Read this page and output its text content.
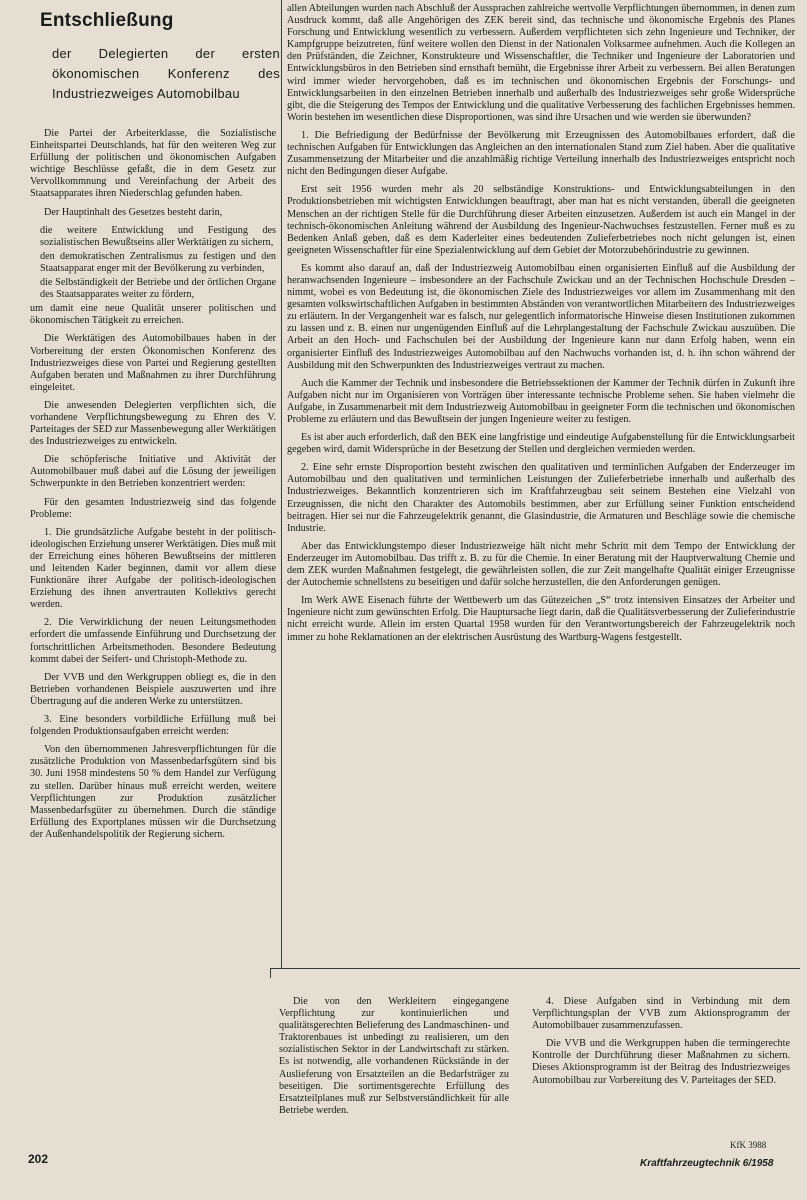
Entschließung

der Delegierten der ersten ökonomischen Konferenz des Industriezweiges Automobilbau

Die Partei der Arbeiterklasse, die Sozialistische Einheitspartei Deutschlands, hat für den weiteren Weg zur Erfüllung der politischen und ökonomischen Aufgaben wichtige Beschlüsse gefaßt, die in dem Gesetz zur Vervollkommnung und Vereinfachung der Arbeit des Staatsapparates ihren Niederschlag gefunden haben.

Der Hauptinhalt des Gesetzes besteht darin,

die weitere Entwicklung und Festigung des sozialistischen Bewußtseins aller Werktätigen zu sichern,

den demokratischen Zentralismus zu festigen und den Staatsapparat enger mit der Bevölkerung zu verbinden,

die Selbständigkeit der Betriebe und der örtlichen Organe des Staatsapparates weiter zu fördern,

um damit eine neue Qualität unserer politischen und ökonomischen Tätigkeit zu erreichen.

Die Werktätigen des Automobilbaues haben in der Vorbereitung der ersten Ökonomischen Konferenz des Industriezweiges diese von Partei und Regierung gestellten Aufgaben beraten und Maßnahmen zu ihrer Durchführung eingeleitet.

Die anwesenden Delegierten verpflichten sich, die vorhandene Verpflichtungsbewegung zu Ehren des V. Parteitages der SED zur Massenbewegung aller Werktätigen des Industriezweiges zu entwickeln.

Die schöpferische Initiative und Aktivität der Automobilbauer muß dabei auf die Lösung der jeweiligen Schwerpunkte in den Betrieben konzentriert werden:

Für den gesamten Industriezweig sind das folgende Probleme:

1. Die grundsätzliche Aufgabe besteht in der politisch-ideologischen Erziehung unserer Werktätigen. Dies muß mit der Erreichung eines höheren Bewußtseins der mittleren und leitenden Kader beginnen, damit vor allem diese Funktionäre ihrer Aufgabe der politisch-ideologischen Erziehung des ihnen anvertrauten Kollektivs gerecht werden.

2. Die Verwirklichung der neuen Leitungsmethoden erfordert die umfassende Einführung und Durchsetzung der fortschrittlichen Arbeitsmethoden. Besondere Bedeutung kommt dabei der Seifert- und Christoph-Methode zu.

Der VVB und den Werkgruppen obliegt es, die in den Betrieben vorhandenen Beispiele auszuwerten und ihre Übertragung auf die anderen Werke zu unterstützen.

3. Eine besonders vorbildliche Erfüllung muß bei folgenden Produktionsaufgaben erreicht werden:

Von den übernommenen Jahresverpflichtungen für die zusätzliche Produktion von Massenbedarfsgütern sind bis 30. Juni 1958 mindestens 50 % dem Handel zur Verfügung zu stellen. Darüber hinaus muß erreicht werden, weitere Verpflichtungen zur Produktion zusätzlicher Massenbedarfsgüter zu übernehmen. Durch die ständige Erfüllung des Exportplanes müssen wir die Durchsetzung der Außenhandelspolitik der Regierung sichern.

allen Abteilungen wurden nach Abschluß der Aussprachen zahlreiche wertvolle Verpflichtungen übernommen, in denen zum Ausdruck kommt, daß alle Angehörigen des ZEK bereit sind, das technische und ökonomische Ergebnis des Planes Forschung und Entwicklung wesentlich zu verbessern. Außerdem verpflichteten sich zehn Ingenieure und Techniker, der Kampfgruppe beizutreten, fünf weitere wollen den Dienst in der Nationalen Volksarmee aufnehmen. Auch die Kollegen an den Prüfständen, die Zeichner, Konstrukteure und Wissenschaftler, die Techniker und Ingenieure der Laboratorien und Entwicklungsbüros in den Betrieben sind ernsthaft bemüht, die Ergebnisse ihrer Arbeit zu verbessern. Bei allen Beratungen wird immer wieder hervorgehoben, daß es im technischen und ökonomischen Ergebnis der Forschungs- und Entwicklungsarbeiten in den einzelnen Betrieben innerhalb und außerhalb des Industriezweiges sehr große Widersprüche gibt, die die Steigerung des Tempos der Entwicklung und die qualitative Verbesserung des fachlichen Ergebnisses hemmen. Worin bestehen im wesentlichen diese Disproportionen, was sind ihre Ursachen und wie werden sie überwunden?

1. Die Befriedigung der Bedürfnisse der Bevölkerung mit Erzeugnissen des Automobilbaues erfordert, daß die technischen Aufgaben für Entwicklungen das Angleichen an den internationalen Stand zum Ziel haben. Aber die qualitative Zusammensetzung der Mitarbeiter und die anzahlmäßig richtige Verteilung innerhalb des Industriezweiges entspricht noch nicht den Bedingungen dieser Aufgabe.

Erst seit 1956 wurden mehr als 20 selbständige Konstruktions- und Entwicklungsabteilungen in den Produktionsbetrieben mit wichtigsten Entwicklungen beauftragt, aber man hat es nicht verstanden, überall die geeigneten Menschen an der richtigen Stelle für die Durchführung dieser Arbeiten einzusetzen. Außerdem ist auch ein Mangel in der technisch-ökonomischen Anleitung während der Ausbildung des Ingenieur-Nachwuchses festzustellen. Ferner muß es zu Bedenken Anlaß geben, daß es dem Kaderleiter eines bedeutenden Zulieferbetriebes noch nicht gelungen ist, einen geeigneten Wissenschaftler für eine Spezialentwicklung auf dem Gebiet der Motorzubehörindustrie zu gewinnen.

Es kommt also darauf an, daß der Industriezweig Automobilbau einen organisierten Einfluß auf die Ausbildung der heranwachsenden Ingenieure – insbesondere an der Fachschule Zwickau und an der Technischen Hochschule Dresden – nimmt, wobei es von Bedeutung ist, die ökonomischen Ziele des Industriezweiges vor allem im Zusammenhang mit den gesamten volkswirtschaftlichen Aufgaben in bestimmten Abständen von verantwortlichen Mitarbeitern des Industriezweiges zu erläutern. In der Vergangenheit war es falsch, nur gelegentlich informatorische Hinweise diesen Institutionen zukommen zu lassen und z. B. einen nur ungenügenden Einfluß auf die Lehrplangestaltung der Fachschule Zwickau auszuüben. Die Arbeit an den Hoch- und Fachschulen bei der Ausbildung der Ingenieure kann nur dann Erfolg haben, wenn ein organisierter Einfluß des Industriezweiges Automobilbau auf den Nachwuchs vorhanden ist, d. h. ihn schon während der Ausbildung mit den Schwerpunkten des Industriezweiges vertraut zu machen.

Auch die Kammer der Technik und insbesondere die Betriebssektionen der Kammer der Technik dürfen in Zukunft ihre Aufgaben nicht nur im Organisieren von Vorträgen über interessante technische Probleme sehen. Sie haben vielmehr die Aufgabe, in Zusammenarbeit mit dem Industriezweig Automobilbau in geeigneter Form die technischen und ökonomischen Probleme zu erläutern und das Bewußtsein der jungen Ingenieure weiter zu festigen.

Es ist aber auch erforderlich, daß den BEK eine langfristige und eindeutige Aufgabenstellung für die Entwicklungsarbeit gegeben wird, damit Widersprüche in der Besetzung der Stellen und dergleichen vermieden werden.

2. Eine sehr ernste Disproportion besteht zwischen den qualitativen und terminlichen Aufgaben der Enderzeuger im Automobilbau und den qualitativen und terminlichen Leistungen der Zulieferbetriebe innerhalb und außerhalb des Industriezweiges. Bekanntlich konzentrieren sich im Kraftfahrzeugbau seit seinem Bestehen eine Vielzahl von Erzeugnissen, die nicht den Charakter des Automobils bestimmen, aber zur Erfüllung seiner Funktion entscheidend beitragen. Hier sei nur die Fahrzeugelektrik genannt, die Glasindustrie, die Armaturen und Beschläge sowie die chemische Industrie.

Aber das Entwicklungstempo dieser Industriezweige hält nicht mehr Schritt mit dem Tempo der Entwicklung der Enderzeuger im Automobilbau. Das trifft z. B. zu für die Chemie. In einer Beratung mit der Hauptverwaltung Chemie und dem ZEK wurden Maßnahmen festgelegt, die gewährleisten sollen, die zur Zeit mangelhafte Qualität einiger Erzeugnisse der Autochemie schnellstens zu beseitigen und dafür solche herzustellen, die den Anforderungen genügen.

Im Werk AWE Eisenach führte der Wettbewerb um das Gütezeichen „S“ trotz intensiven Einsatzes der Arbeiter und Ingenieure nicht zum gewünschten Erfolg. Die Hauptursache liegt darin, daß die Qualitätsverbesserung der Zulieferindustrie nicht erreicht wurde. Allein im ersten Quartal 1958 wurden für den Verantwortungsbereich der Fahrzeugelektrik noch immer zu hohe Reklamationen an der elektrischen Ausrüstung des Wartburg-Wagens festgestellt.

Die von den Werkleitern eingegangene Verpflichtung zur kontinuierlichen und qualitätsgerechten Belieferung des Landmaschinen- und Traktorenbaues ist unbedingt zu realisieren, um den sozialistischen Sektor in der Landwirtschaft zu stärken. Es ist notwendig, alle vorhandenen Rückstände in der Auslieferung von Ersatzteilen an die Bedarfsträger zu beseitigen. Die sortimentsgerechte Erfüllung des Ersatzteilplanes muß zur Selbstverständlichkeit für alle Betriebe werden.

4. Diese Aufgaben sind in Verbindung mit dem Verpflichtungsplan der VVB zum Aktionsprogramm der Automobilbauer zusammenzufassen.

Die VVB und die Werkgruppen haben die termingerechte Kontrolle der Durchführung dieser Maßnahmen zu sichern. Dieses Aktionsprogramm ist der Beitrag des Industriezweiges Automobilbau zur Vorbereitung des V. Parteitages der SED.

KfK 3988
202	Kraftfahrzeugtechnik 6/1958
